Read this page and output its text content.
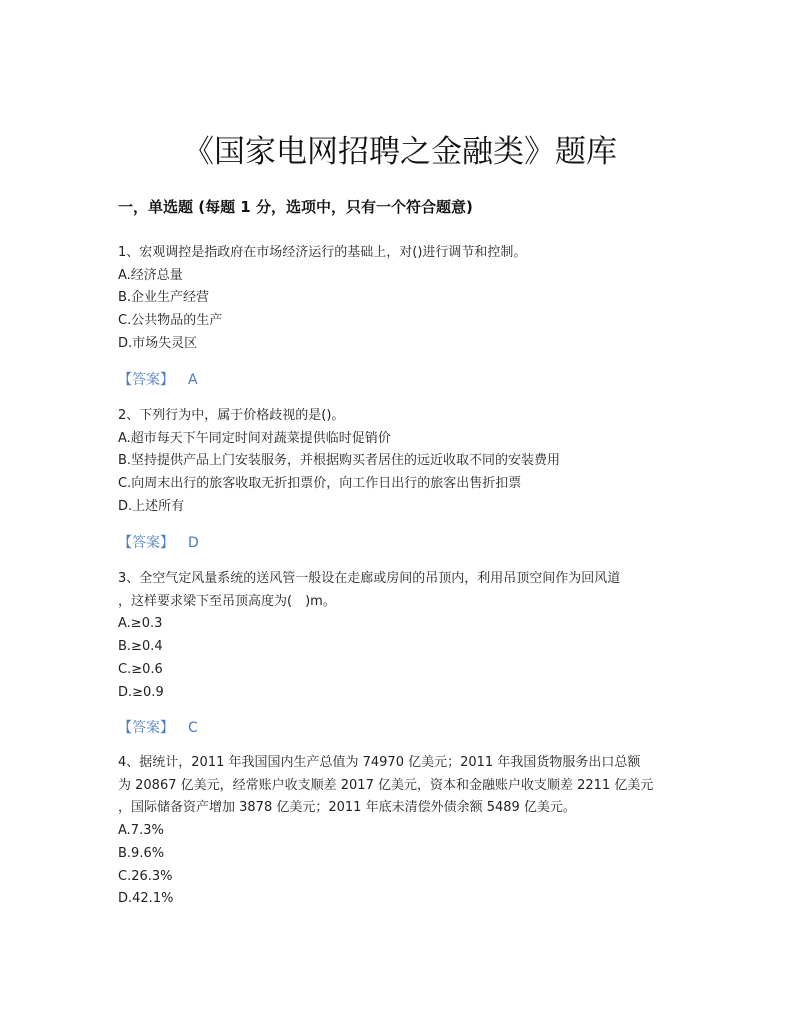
《国家电网招聘之金融类》题库
一，单选题 (每题 1 分，选项中，只有一个符合题意)

1、宏观调控是指政府在市场经济运行的基础上，对()进行调节和控制。

A.经济总量

B.企业生产经营

C.公共物品的生产

D.市场失灵区

【答案】 A

2、下列行为中，属于价格歧视的是()。

A.超市每天下午同定时间对蔬菜提供临时促销价

B.坚持提供产品上门安装服务，并根据购买者居住的远近收取不同的安装费用

C.向周末出行的旅客收取无折扣票价，向工作日出行的旅客出售折扣票

D.上述所有

【答案】 D

3、全空气定风量系统的送风管一般设在走廊或房间的吊顶内，利用吊顶空间作为回风道

，这样要求梁下至吊顶高度为(　)m。

A.≥0.3

B.≥0.4

C.≥0.6

D.≥0.9

【答案】 C

4、据统计，2011 年我国国内生产总值为 74970 亿美元；2011 年我国货物服务出口总额

为 20867 亿美元，经常账户收支顺差 2017 亿美元，资本和金融账户收支顺差 2211 亿美元

，国际储备资产增加 3878 亿美元；2011 年底未清偿外债余额 5489 亿美元。

A.7.3%

B.9.6%

C.26.3%

D.42.1%
